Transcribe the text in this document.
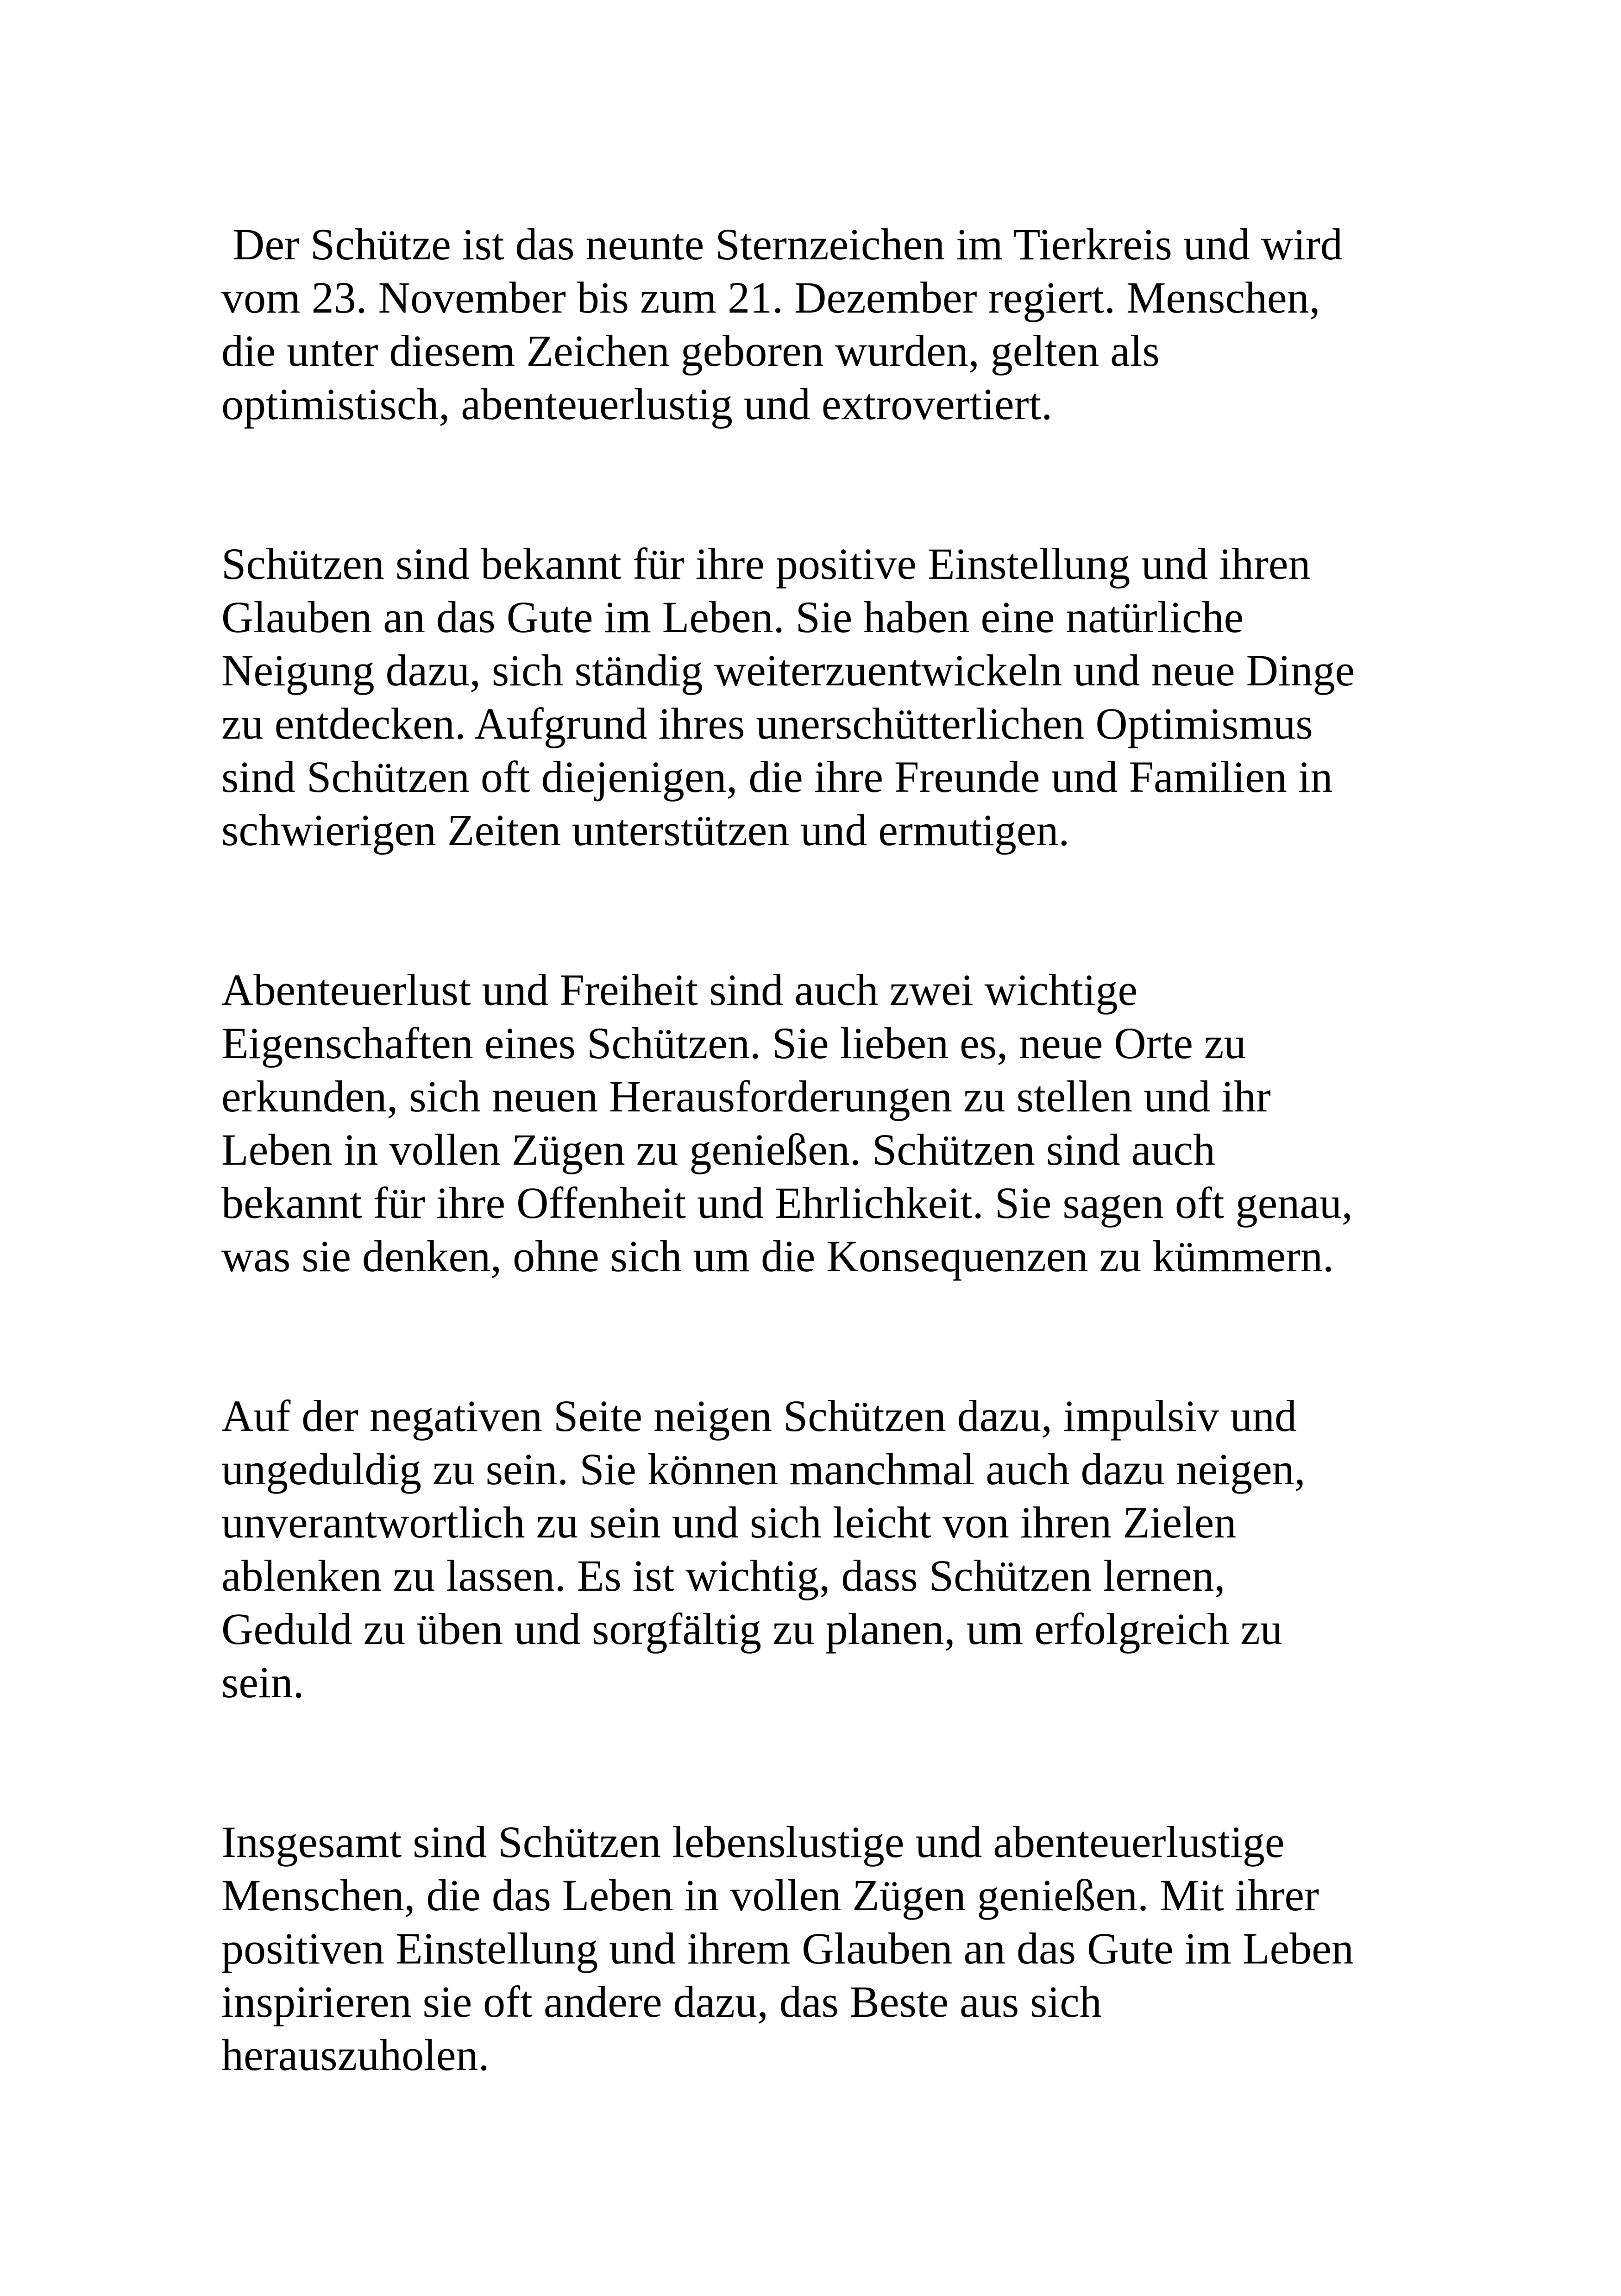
Der Schütze ist das neunte Sternzeichen im Tierkreis und wird
vom 23. November bis zum 21. Dezember regiert. Menschen,
die unter diesem Zeichen geboren wurden, gelten als
optimistisch, abenteuerlustig und extrovertiert.
Schützen sind bekannt für ihre positive Einstellung und ihren
Glauben an das Gute im Leben. Sie haben eine natürliche
Neigung dazu, sich ständig weiterzuentwickeln und neue Dinge
zu entdecken. Aufgrund ihres unerschütterlichen Optimismus
sind Schützen oft diejenigen, die ihre Freunde und Familien in
schwierigen Zeiten unterstützen und ermutigen.
Abenteuerlust und Freiheit sind auch zwei wichtige
Eigenschaften eines Schützen. Sie lieben es, neue Orte zu
erkunden, sich neuen Herausforderungen zu stellen und ihr
Leben in vollen Zügen zu genießen. Schützen sind auch
bekannt für ihre Offenheit und Ehrlichkeit. Sie sagen oft genau,
was sie denken, ohne sich um die Konsequenzen zu kümmern.
Auf der negativen Seite neigen Schützen dazu, impulsiv und
ungeduldig zu sein. Sie können manchmal auch dazu neigen,
unverantwortlich zu sein und sich leicht von ihren Zielen
ablenken zu lassen. Es ist wichtig, dass Schützen lernen,
Geduld zu üben und sorgfältig zu planen, um erfolgreich zu
sein.
Insgesamt sind Schützen lebenslustige und abenteuerlustige
Menschen, die das Leben in vollen Zügen genießen. Mit ihrer
positiven Einstellung und ihrem Glauben an das Gute im Leben
inspirieren sie oft andere dazu, das Beste aus sich
herauszuholen.
